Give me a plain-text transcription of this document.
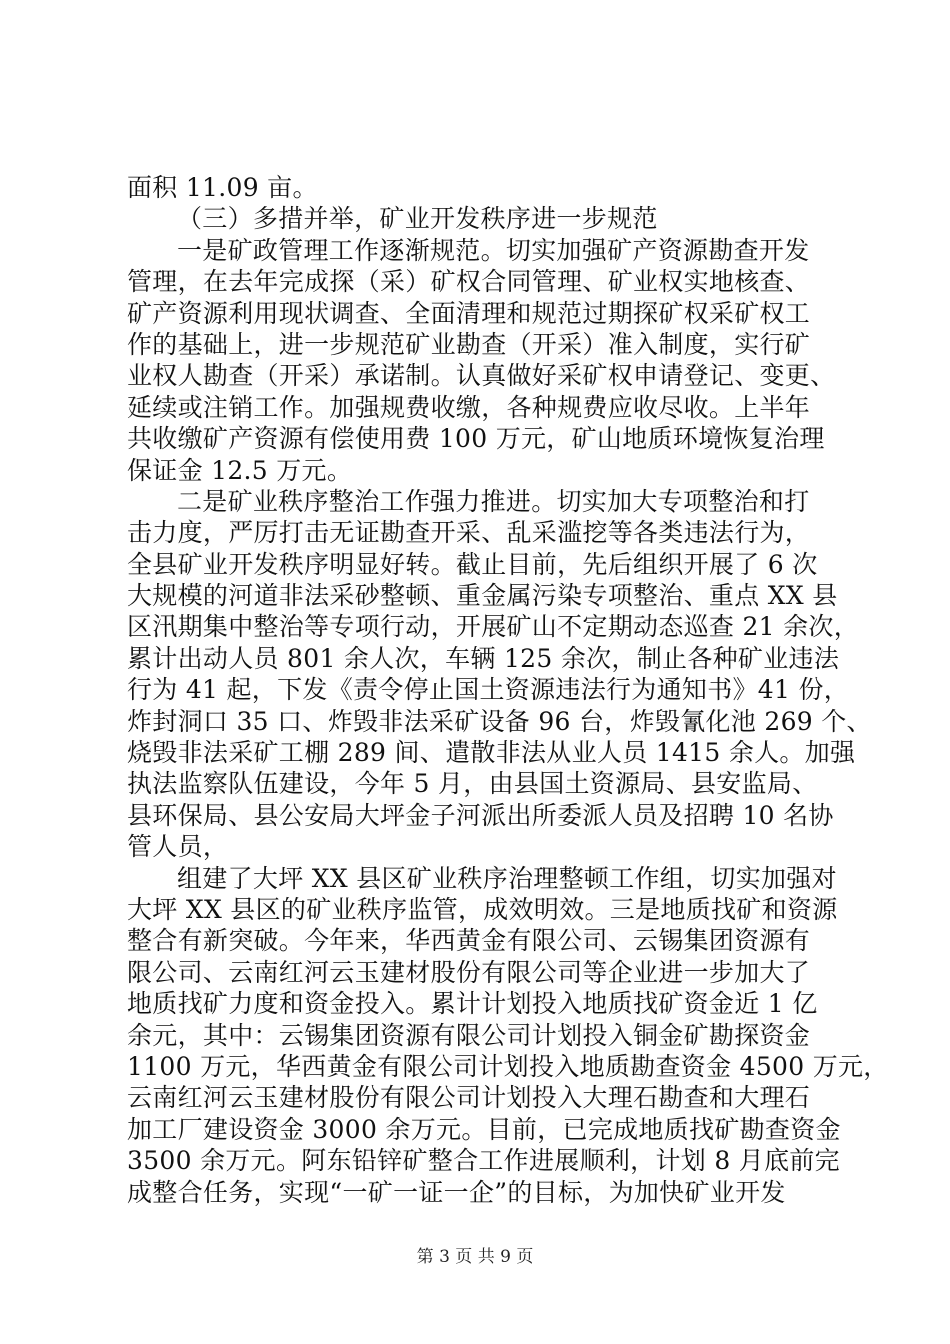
面积 11.09 亩。
（三）多措并举，矿业开发秩序进一步规范
一是矿政管理工作逐渐规范。切实加强矿产资源勘查开发
管理，在去年完成探（采）矿权合同管理、矿业权实地核查、
矿产资源利用现状调查、全面清理和规范过期探矿权采矿权工
作的基础上，进一步规范矿业勘查（开采）准入制度，实行矿
业权人勘查（开采）承诺制。认真做好采矿权申请登记、变更、
延续或注销工作。加强规费收缴，各种规费应收尽收。上半年
共收缴矿产资源有偿使用费 100 万元，矿山地质环境恢复治理
保证金 12.5 万元。
二是矿业秩序整治工作强力推进。切实加大专项整治和打
击力度，严厉打击无证勘查开采、乱采滥挖等各类违法行为，
全县矿业开发秩序明显好转。截止目前，先后组织开展了 6 次
大规模的河道非法采砂整顿、重金属污染专项整治、重点 XX 县
区汛期集中整治等专项行动，开展矿山不定期动态巡查 21 余次，
累计出动人员 801 余人次，车辆 125 余次，制止各种矿业违法
行为 41 起，下发《责令停止国土资源违法行为通知书》41 份，
炸封洞口 35 口、炸毁非法采矿设备 96 台，炸毁氰化池 269 个、
烧毁非法采矿工棚 289 间、遣散非法从业人员 1415 余人。加强
执法监察队伍建设，今年 5 月，由县国土资源局、县安监局、
县环保局、县公安局大坪金子河派出所委派人员及招聘 10 名协
管人员，
组建了大坪 XX 县区矿业秩序治理整顿工作组，切实加强对
大坪 XX 县区的矿业秩序监管，成效明效。三是地质找矿和资源
整合有新突破。今年来，华西黄金有限公司、云锡集团资源有
限公司、云南红河云玉建材股份有限公司等企业进一步加大了
地质找矿力度和资金投入。累计计划投入地质找矿资金近 1 亿
余元，其中：云锡集团资源有限公司计划投入铜金矿勘探资金
1100 万元，华西黄金有限公司计划投入地质勘查资金 4500 万元，
云南红河云玉建材股份有限公司计划投入大理石勘查和大理石
加工厂建设资金 3000 余万元。目前，已完成地质找矿勘查资金
3500 余万元。阿东铅锌矿整合工作进展顺利，计划 8 月底前完
成整合任务，实现“一矿一证一企”的目标，为加快矿业开发
第 3 页 共 9 页
